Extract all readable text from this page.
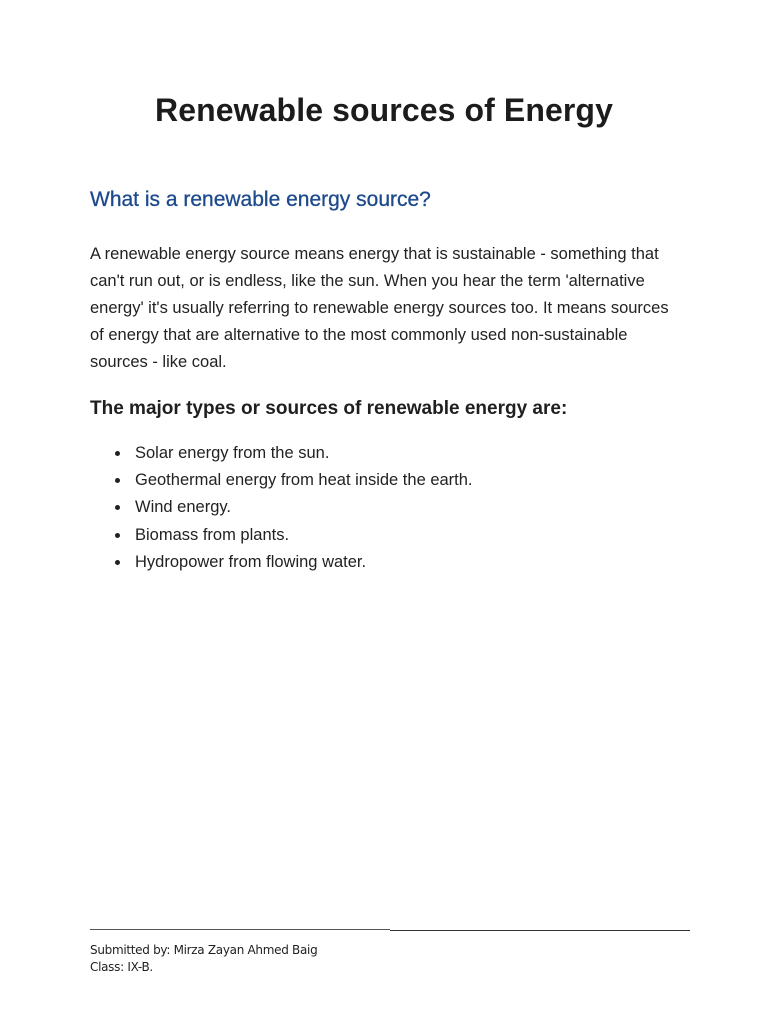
Renewable sources of Energy
What is a renewable energy source?

A renewable energy source means energy that is sustainable - something that can't run out, or is endless, like the sun. When you hear the term 'alternative energy' it's usually referring to renewable energy sources too. It means sources of energy that are alternative to the most commonly used non-sustainable sources - like coal.

The major types or sources of renewable energy are:
Solar energy from the sun.
Geothermal energy from heat inside the earth.
Wind energy.
Biomass from plants.
Hydropower from flowing water.
Submitted by: Mirza Zayan Ahmed Baig
Class: IX-B.
